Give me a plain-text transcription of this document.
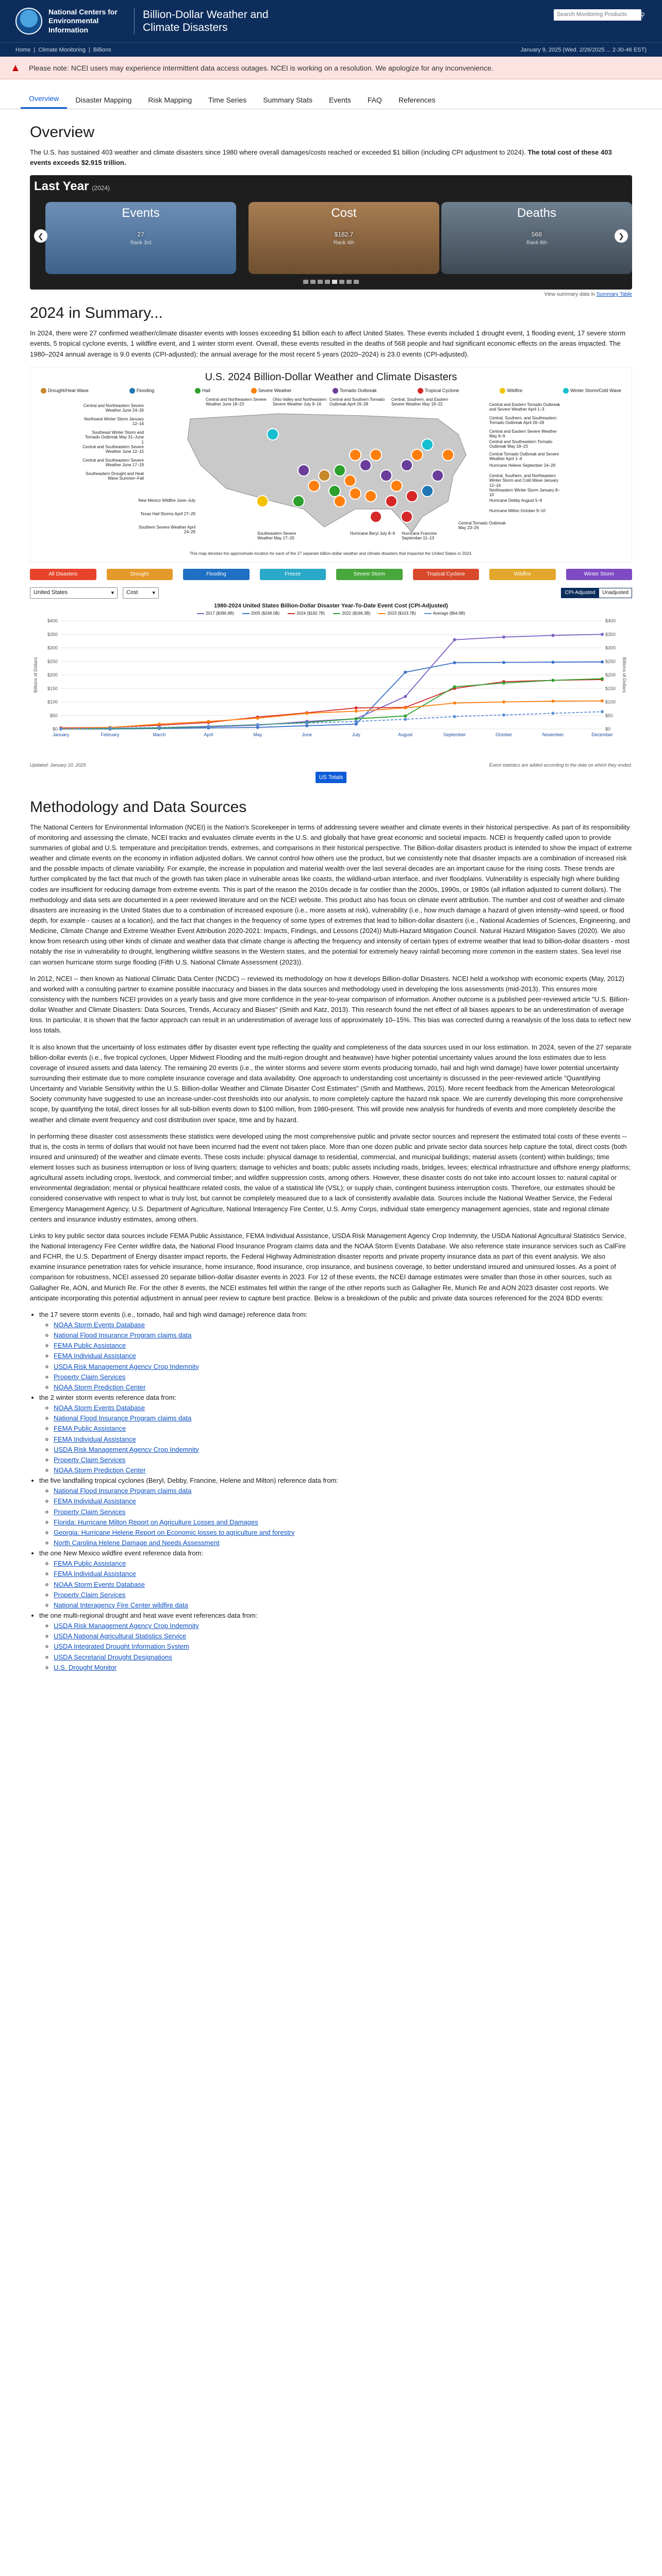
National Centers for Environmental Information
Billion-Dollar Weather and Climate Disasters
Search Monitoring Products	⚲
Home | Climate Monitoring | Billions	January 9, 2025 (Wed. 2/26/2025 ... 2-30-46 EST)
▲ Please note: NCEI users may experience intermittent data access outages. NCEI is working on a resolution. We apologize for any inconvenience.
Overview	Disaster Mapping	Risk Mapping	Time Series	Summary Stats	Events	FAQ	References
Overview

The U.S. has sustained 403 weather and climate disasters since 1980 where overall damages/costs reached or exceeded $1 billion (including CPI adjustment to 2024). The total cost of these 403 events exceeds $2.915 trillion.

Last Year (2024)
Events
27
Rank 3rd
Cost
$182.7
Rank 4th
Deaths
568
Rank 8th
❮	❯
View summary data in Summary Table
2024 in Summary...

In 2024, there were 27 confirmed weather/climate disaster events with losses exceeding $1 billion each to affect United States. These events included 1 drought event, 1 flooding event, 17 severe storm events, 5 tropical cyclone events, 1 wildfire event, and 1 winter storm event. Overall, these events resulted in the deaths of 568 people and had significant economic effects on the areas impacted. The 1980–2024 annual average is 9.0 events (CPI-adjusted); the annual average for the most recent 5 years (2020–2024) is 23.0 events (CPI-adjusted).

U.S. 2024 Billion-Dollar Weather and Climate Disasters
Drought/Heat Wave	Flooding	Hail	Severe Weather	Tornado Outbreak	Tropical Cyclone	Wildfire	Winter Storm/Cold Wave
Central and Northeastern Severe Weather June 24–26
Northwest Winter Storm January 12–14
Southeast Winter Storm and Tornado Outbreak May 31–June 1
Central and Southeastern Severe Weather June 12–15
Central and Southeastern Severe Weather June 17–19
Southeastern Drought and Heat Wave Summer–Fall
New Mexico Wildfire June–July
Texas Hail Storms April 27–29
Southern Severe Weather April 24–29	Southeastern Severe Weather May 17–20
Central and Northeastern Severe Weather June 18–23
Ohio Valley and Northeastern Severe Weather July 9–16
Central and Southern Tornado Outbreak April 26–28
Central, Southern, and Eastern Severe Weather May 18–22	Central and Eastern Tornado Outbreak and Severe Weather April 1–3
Central, Southern, and Southeastern Tornado Outbreak April 26–28
Central and Eastern Severe Weather May 6–9
Central and Southeastern Tornado Outbreak May 18–23
Central Tornado Outbreak and Severe Weather April 1–4
Hurricane Helene September 24–29
Central, Southern, and Northeastern Winter Storm and Cold Wave January 12–16
Northeastern Winter Storm January 8–10
Hurricane Debby August 5–9
Hurricane Milton October 9–10
Hurricane Beryl July 8–9	Hurricane Francine September 11–13
Central Tornado Outbreak May 23–26
This map denotes the approximate location for each of the 27 separate billion-dollar weather and climate disasters that impacted the United States in 2024.
All Disasters	Drought	Flooding	Freeze	Severe Storm	Tropical Cyclone	Wildfire	Winter Storm
United States	▾ Cost	▾	CPI-Adjusted	Unadjusted
1980-2024 United States Billion-Dollar Disaster Year-To-Date Event Cost (CPI-Adjusted)
2017 ($396.9B)	2005 ($248.0B)	2024 ($182.7B)	2022 ($186.3B)	2023 ($103.7B)	Average ($64.6B)
$0	$0
$50	$50
$100	$100
$150	$150
$200	$200
$250	$250
$300	$300
$350	$350
$400	$400
January	February	March	April	May	June	July	August	September	October	November	December
Billions of Dollars	Billions of Dollars
Updated: January 10, 2025	Event statistics are added according to the date on which they ended.
US Totals
Methodology and Data Sources

The National Centers for Environmental Information (NCEI) is the Nation's Scorekeeper in terms of addressing severe weather and climate events in their historical perspective. As part of its responsibility of monitoring and assessing the climate, NCEI tracks and evaluates climate events in the U.S. and globally that have great economic and societal impacts. NCEI is frequently called upon to provide summaries of global and U.S. temperature and precipitation trends, extremes, and comparisons in their historical perspective. The Billion-dollar disasters product is intended to show the impact of extreme weather and climate events on the economy in inflation adjusted dollars. We cannot control how others use the product, but we consistently note that disaster impacts are a combination of increased risk and the possible impacts of climate variability. For example, the increase in population and material wealth over the last several decades are an important cause for the rising costs. These trends are further complicated by the fact that much of the growth has taken place in vulnerable areas like coasts, the wildland-urban interface, and river floodplains. Vulnerability is especially high where building codes are insufficient for reducing damage from extreme events. This is part of the reason the 2010s decade is far costlier than the 2000s, 1990s, or 1980s (all inflation adjusted to current dollars). The methodology and data sets are documented in a peer reviewed literature and on the NCEI website. This product also has focus on climate event attribution. The number and cost of weather and climate disasters are increasing in the United States due to a combination of increased exposure (i.e., more assets at risk), vulnerability (i.e., how much damage a hazard of given intensity–wind speed, or flood depth, for example - causes at a location), and the fact that changes in the frequency of some types of extremes that lead to billion-dollar disasters (i.e., National Academies of Sciences, Engineering, and Medicine, Climate Change and Extreme Weather Event Attribution 2020-2021: Impacts, Findings, and Lessons (2024)) Multi-Hazard Mitigation Council. Natural Hazard Mitigation Saves (2020). We also know from research using other kinds of climate and weather data that climate change is affecting the frequency and intensity of certain types of extreme weather that lead to billion-dollar disasters - most notably the rise in vulnerability to drought, lengthening wildfire seasons in the Western states, and the potential for extremely heavy rainfall becoming more common in the eastern states. Sea level rise can worsen hurricane storm surge flooding (Fifth U.S. National Climate Assessment (2023)).

In 2012, NCEI -- then known as National Climatic Data Center (NCDC) -- reviewed its methodology on how it develops Billion-dollar Disasters. NCEI held a workshop with economic experts (May, 2012) and worked with a consulting partner to examine possible inaccuracy and biases in the data sources and methodology used in developing the loss assessments (mid-2013). This ensures more consistency with the numbers NCEI provides on a yearly basis and give more confidence in the year-to-year comparison of information. Another outcome is a published peer-reviewed article "U.S. Billion-dollar Weather and Climate Disasters: Data Sources, Trends, Accuracy and Biases" (Smith and Katz, 2013). This research found the net effect of all biases appears to be an underestimation of average loss. In particular, it is shown that the factor approach can result in an underestimation of average loss of approximately 10–15%. This bias was corrected during a reanalysis of the loss data to reflect new loss totals.

It is also known that the uncertainty of loss estimates differ by disaster event type reflecting the quality and completeness of the data sources used in our loss estimation. In 2024, seven of the 27 separate billion-dollar events (i.e., five tropical cyclones, Upper Midwest Flooding and the multi-region drought and heatwave) have higher potential uncertainty values around the loss estimates due to less coverage of insured assets and data latency. The remaining 20 events (i.e., the winter storms and severe storm events producing tornado, hail and high wind damage) have lower potential uncertainty surrounding their estimate due to more complete insurance coverage and data availability. One approach to understanding cost uncertainty is discussed in the peer-reviewed article "Quantifying Uncertainty and Variable Sensitivity within the U.S. Billion-dollar Weather and Climate Disaster Cost Estimates" (Smith and Matthews, 2015). More recent feedback from the American Meteorological Society community have suggested to use an increase-under-cost thresholds into our analysis, to more completely capture the hazard risk space. We are currently developing this more comprehensive scope, by quantifying the total, direct losses for all sub-billion events down to $100 million, from 1980-present. This will provide new analysis for hundreds of events and more completely describe the weather and climate event frequency and cost distribution over space, time and by hazard.

In performing these disaster cost assessments these statistics were developed using the most comprehensive public and private sector sources and represent the estimated total costs of these events -- that is, the costs in terms of dollars that would not have been incurred had the event not taken place. More than one dozen public and private sector data sources help capture the total, direct costs (both insured and uninsured) of the weather and climate events. These costs include: physical damage to residential, commercial, and municipal buildings; material assets (content) within buildings; time element losses such as business interruption or loss of living quarters; damage to vehicles and boats; public assets including roads, bridges, levees; electrical infrastructure and offshore energy platforms; agricultural assets including crops, livestock, and commercial timber; and wildfire suppression costs, among others. However, these disaster costs do not take into account losses to: natural capital or environmental degradation; mental or physical healthcare related costs, the value of a statistical life (VSL); or supply chain, contingent business interruption costs. Therefore, our estimates should be considered conservative with respect to what is truly lost, but cannot be completely measured due to a lack of consistently available data. Sources include the National Weather Service, the Federal Emergency Management Agency, U.S. Department of Agriculture, National Interagency Fire Center, U.S. Army Corps, individual state emergency management agencies, state and regional climate centers and insurance industry estimates, among others.

Links to key public sector data sources include FEMA Public Assistance, FEMA Individual Assistance, USDA Risk Management Agency Crop Indemnity, the USDA National Agricultural Statistics Service, the National Interagency Fire Center wildfire data, the National Flood Insurance Program claims data and the NOAA Storm Events Database. We also reference state insurance services such as CalFire and FCHR, the U.S. Department of Energy disaster impact reports, the Federal Highway Administration disaster reports and private property insurance data as part of this event analysis. We also examine insurance penetration rates for vehicle insurance, home insurance, flood insurance, crop insurance, and business coverage, to better understand insured and uninsured losses. As a point of comparison for robustness, NCEI assessed 20 separate billion-dollar disaster events in 2023. For 12 of these events, the NCEI damage estimates were smaller than those in other sources, such as Gallagher Re, AON, and Munich Re. For the other 8 events, the NCEI estimates fell within the range of the other reports such as Gallagher Re, Munich Re and AON 2023 disaster cost reports. We anticipate incorporating this potential adjustment in annual peer review to capture best practice. Below is a breakdown of the public and private data sources referenced for the 2024 BDD events:

• the 17 severe storm events (i.e., tornado, hail and high wind damage) reference data from:
◦ NOAA Storm Events Database
◦ National Flood Insurance Program claims data
◦ FEMA Public Assistance
◦ FEMA Individual Assistance
◦ USDA Risk Management Agency Crop Indemnity
◦ Property Claim Services
◦ NOAA Storm Prediction Center
• the 2 winter storm events reference data from:
◦ NOAA Storm Events Database
◦ National Flood Insurance Program claims data
◦ FEMA Public Assistance
◦ FEMA Individual Assistance
◦ USDA Risk Management Agency Crop Indemnity
◦ Property Claim Services
◦ NOAA Storm Prediction Center
• the five landfalling tropical cyclones (Beryl, Debby, Francine, Helene and Milton) reference data from:
◦ National Flood Insurance Program claims data
◦ FEMA Individual Assistance
◦ Property Claim Services
◦ Florida: Hurricane Milton Report on Agriculture Losses and Damages
◦ Georgia: Hurricane Helene Report on Economic losses to agriculture and forestry
◦ North Carolina Helene Damage and Needs Assessment
• the one New Mexico wildfire event reference data from:
◦ FEMA Public Assistance
◦ FEMA Individual Assistance
◦ NOAA Storm Events Database
◦ Property Claim Services
◦ National Interagency Fire Center wildfire data
• the one multi-regional drought and heat wave event references data from:
◦ USDA Risk Management Agency Crop Indemnity
◦ USDA National Agricultural Statistics Service
◦ USDA Integrated Drought Information System
◦ USDA Secretarial Drought Designations
◦ U.S. Drought Monitor
